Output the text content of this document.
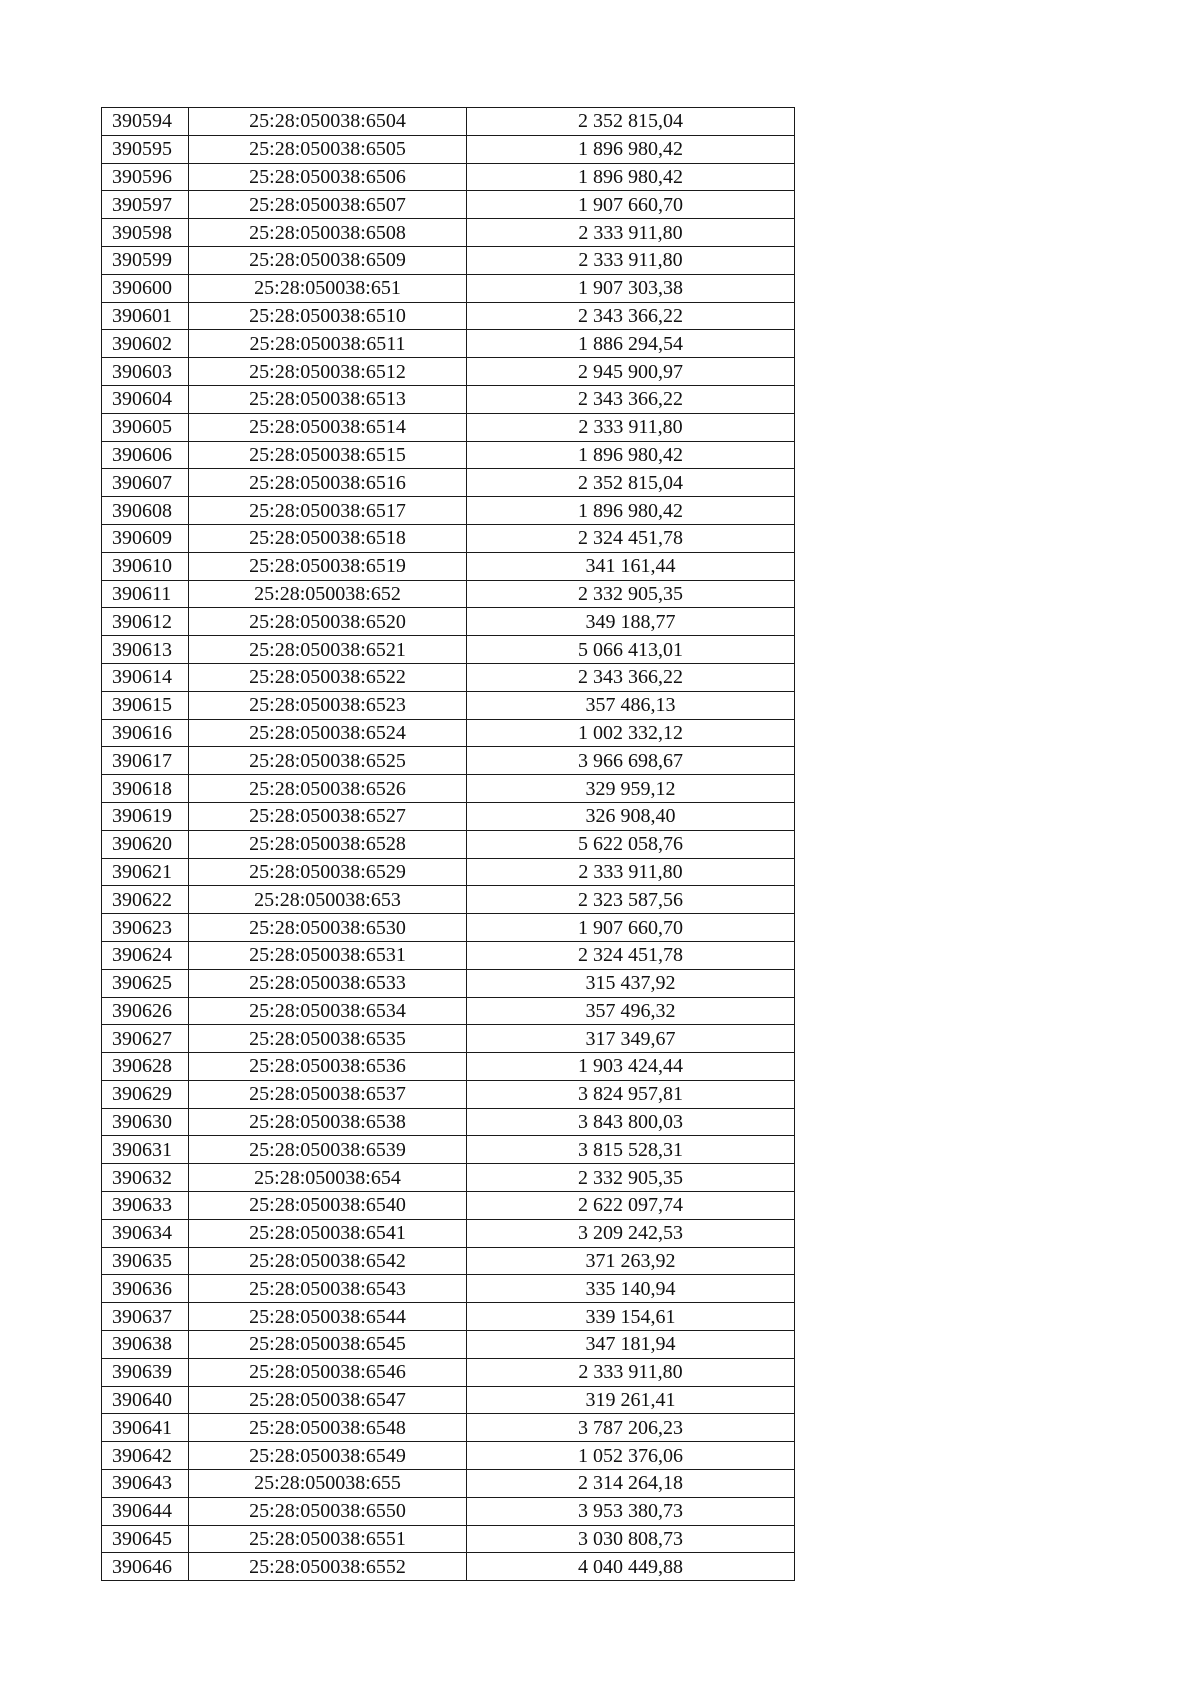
390594	25:28:050038:6504	2 352 815,04
390595	25:28:050038:6505	1 896 980,42
390596	25:28:050038:6506	1 896 980,42
390597	25:28:050038:6507	1 907 660,70
390598	25:28:050038:6508	2 333 911,80
390599	25:28:050038:6509	2 333 911,80
390600	25:28:050038:651	1 907 303,38
390601	25:28:050038:6510	2 343 366,22
390602	25:28:050038:6511	1 886 294,54
390603	25:28:050038:6512	2 945 900,97
390604	25:28:050038:6513	2 343 366,22
390605	25:28:050038:6514	2 333 911,80
390606	25:28:050038:6515	1 896 980,42
390607	25:28:050038:6516	2 352 815,04
390608	25:28:050038:6517	1 896 980,42
390609	25:28:050038:6518	2 324 451,78
390610	25:28:050038:6519	341 161,44
390611	25:28:050038:652	2 332 905,35
390612	25:28:050038:6520	349 188,77
390613	25:28:050038:6521	5 066 413,01
390614	25:28:050038:6522	2 343 366,22
390615	25:28:050038:6523	357 486,13
390616	25:28:050038:6524	1 002 332,12
390617	25:28:050038:6525	3 966 698,67
390618	25:28:050038:6526	329 959,12
390619	25:28:050038:6527	326 908,40
390620	25:28:050038:6528	5 622 058,76
390621	25:28:050038:6529	2 333 911,80
390622	25:28:050038:653	2 323 587,56
390623	25:28:050038:6530	1 907 660,70
390624	25:28:050038:6531	2 324 451,78
390625	25:28:050038:6533	315 437,92
390626	25:28:050038:6534	357 496,32
390627	25:28:050038:6535	317 349,67
390628	25:28:050038:6536	1 903 424,44
390629	25:28:050038:6537	3 824 957,81
390630	25:28:050038:6538	3 843 800,03
390631	25:28:050038:6539	3 815 528,31
390632	25:28:050038:654	2 332 905,35
390633	25:28:050038:6540	2 622 097,74
390634	25:28:050038:6541	3 209 242,53
390635	25:28:050038:6542	371 263,92
390636	25:28:050038:6543	335 140,94
390637	25:28:050038:6544	339 154,61
390638	25:28:050038:6545	347 181,94
390639	25:28:050038:6546	2 333 911,80
390640	25:28:050038:6547	319 261,41
390641	25:28:050038:6548	3 787 206,23
390642	25:28:050038:6549	1 052 376,06
390643	25:28:050038:655	2 314 264,18
390644	25:28:050038:6550	3 953 380,73
390645	25:28:050038:6551	3 030 808,73
390646	25:28:050038:6552	4 040 449,88
